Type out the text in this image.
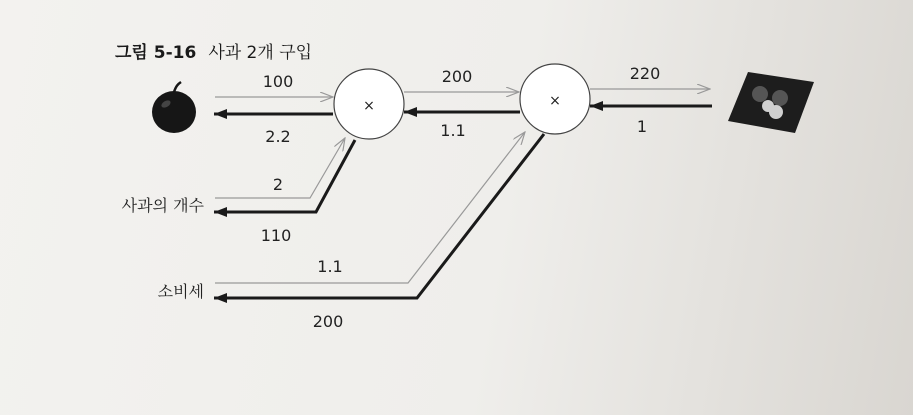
그림 5-16 사과 2개 구입
×	×
100	200	220
2
1.1
1
1.1
2.2
110
200
사과의 개수
소비세
